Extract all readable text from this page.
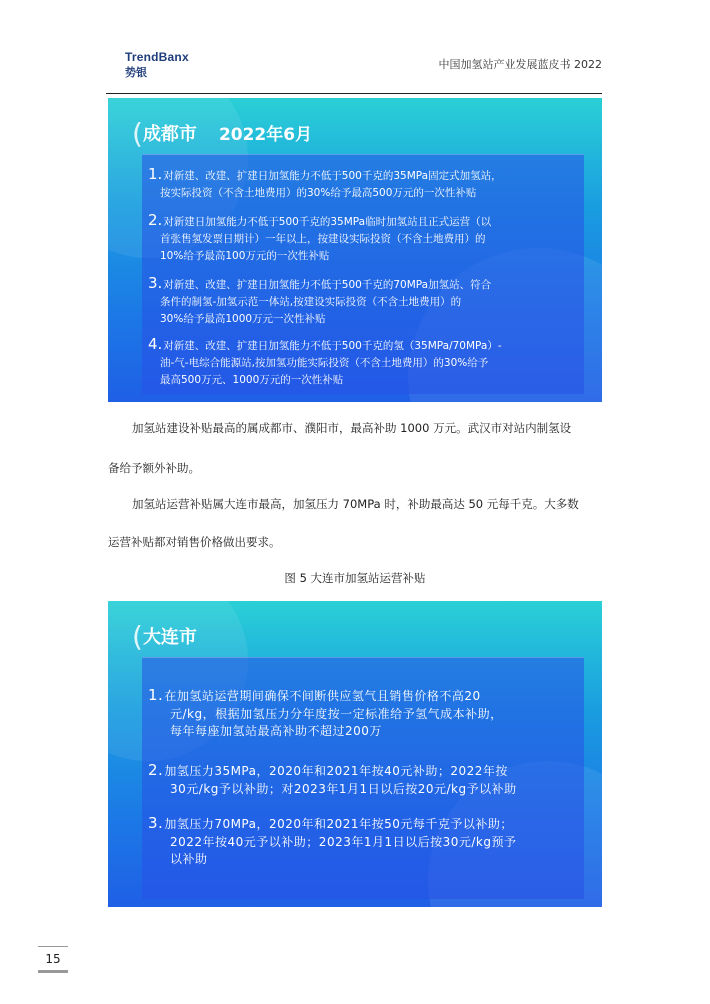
TrendBanx
势银
中国加氢站产业发展蓝皮书 2022
(成都市 2022年6月
1.对新建、改建、扩建日加氢能力不低于500千克的35MPa固定式加氢站，
按实际投资（不含土地费用）的30%给予最高500万元的一次性补贴
2.对新建日加氢能力不低于500千克的35MPa临时加氢站且正式运营（以
首张售氢发票日期计）一年以上，按建设实际投资（不含土地费用）的
10%给予最高100万元的一次性补贴
3.对新建、改建、扩建日加氢能力不低于500千克的70MPa加氢站、符合
条件的制氢-加氢示范一体站,按建设实际投资（不含土地费用）的
30%给予最高1000万元一次性补贴
4.对新建、改建、扩建日加氢能力不低于500千克的氢（35MPa/70MPa）-
油-气-电综合能源站,按加氢功能实际投资（不含土地费用）的30%给予
最高500万元、1000万元的一次性补贴
加氢站建设补贴最高的属成都市、濮阳市，最高补助 1000 万元。武汉市对站内制氢设
备给予额外补助。
加氢站运营补贴属大连市最高，加氢压力 70MPa 时，补助最高达 50 元每千克。大多数
运营补贴都对销售价格做出要求。
图 5 大连市加氢站运营补贴
(大连市
1.在加氢站运营期间确保不间断供应氢气且销售价格不高20
元/kg，根据加氢压力分年度按一定标准给予氢气成本补助，
每年每座加氢站最高补助不超过200万
2.加氢压力35MPa，2020年和2021年按40元补助；2022年按
30元/kg予以补助；对2023年1月1日以后按20元/kg予以补助
3.加氢压力70MPa，2020年和2021年按50元每千克予以补助；
2022年按40元予以补助；2023年1月1日以后按30元/kg预予
以补助
15
